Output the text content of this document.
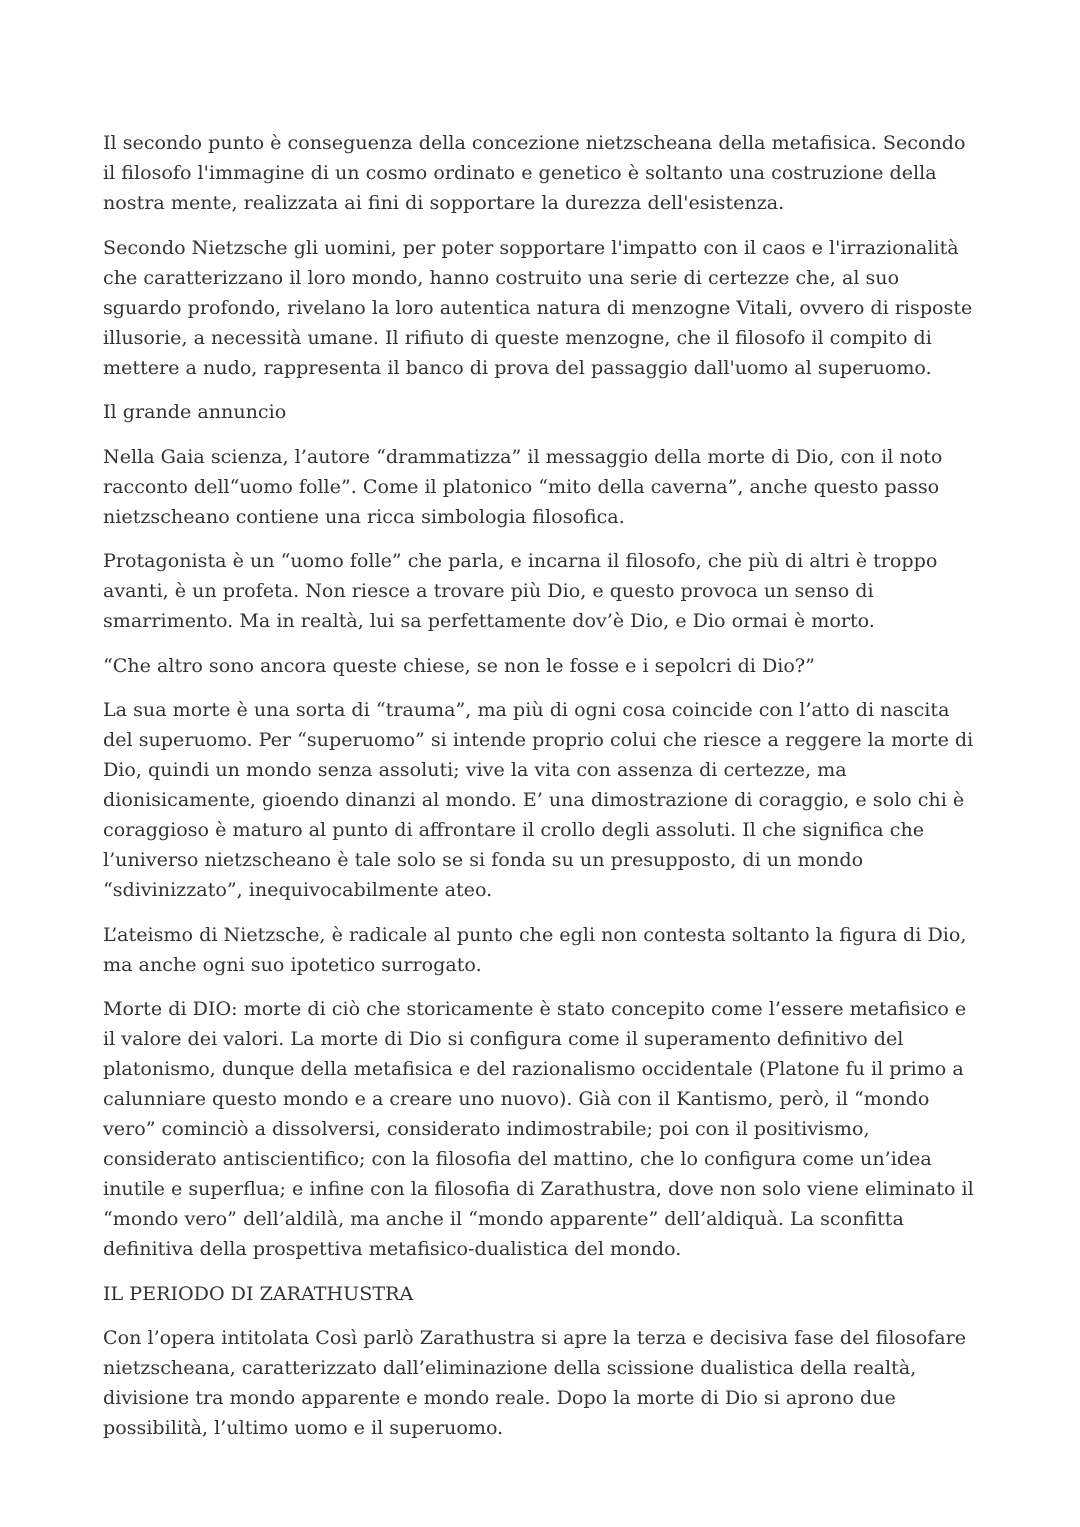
Il secondo punto è conseguenza della concezione nietzscheana della metafisica. Secondo il filosofo l'immagine di un cosmo ordinato e genetico è soltanto una costruzione della nostra mente, realizzata ai fini di sopportare la durezza dell'esistenza.

Secondo Nietzsche gli uomini, per poter sopportare l'impatto con il caos e l'irrazionalità che caratterizzano il loro mondo, hanno costruito una serie di certezze che, al suo sguardo profondo, rivelano la loro autentica natura di menzogne Vitali, ovvero di risposte illusorie, a necessità umane. Il rifiuto di queste menzogne, che il filosofo il compito di mettere a nudo, rappresenta il banco di prova del passaggio dall'uomo al superuomo.

Il grande annuncio

Nella Gaia scienza, l’autore “drammatizza” il messaggio della morte di Dio, con il noto racconto dell“uomo folle”. Come il platonico “mito della caverna”, anche questo passo nietzscheano contiene una ricca simbologia filosofica.

Protagonista è un “uomo folle” che parla, e incarna il filosofo, che più di altri è troppo avanti, è un profeta. Non riesce a trovare più Dio, e questo provoca un senso di smarrimento. Ma in realtà, lui sa perfettamente dov’è Dio, e Dio ormai è morto.

“Che altro sono ancora queste chiese, se non le fosse e i sepolcri di Dio?”

La sua morte è una sorta di “trauma”, ma più di ogni cosa coincide con l’atto di nascita del superuomo. Per “superuomo” si intende proprio colui che riesce a reggere la morte di Dio, quindi un mondo senza assoluti; vive la vita con assenza di certezze, ma dionisicamente, gioendo dinanzi al mondo. E’ una dimostrazione di coraggio, e solo chi è coraggioso è maturo al punto di affrontare il crollo degli assoluti. Il che significa che l’universo nietzscheano è tale solo se si fonda su un presupposto, di un mondo “sdivinizzato”, inequivocabilmente ateo.

L’ateismo di Nietzsche, è radicale al punto che egli non contesta soltanto la figura di Dio, ma anche ogni suo ipotetico surrogato.

Morte di DIO: morte di ciò che storicamente è stato concepito come l’essere metafisico e il valore dei valori. La morte di Dio si configura come il superamento definitivo del platonismo, dunque della metafisica e del razionalismo occidentale (Platone fu il primo a calunniare questo mondo e a creare uno nuovo). Già con il Kantismo, però, il “mondo vero” cominciò a dissolversi, considerato indimostrabile; poi con il positivismo, considerato antiscientifico; con la filosofia del mattino, che lo configura come un’idea inutile e superflua; e infine con la filosofia di Zarathustra, dove non solo viene eliminato il “mondo vero” dell’aldilà, ma anche il “mondo apparente” dell’aldiquà. La sconfitta definitiva della prospettiva metafisico-dualistica del mondo.

IL PERIODO DI ZARATHUSTRA

Con l’opera intitolata Così parlò Zarathustra si apre la terza e decisiva fase del filosofare nietzscheana, caratterizzato dall’eliminazione della scissione dualistica della realtà, divisione tra mondo apparente e mondo reale. Dopo la morte di Dio si aprono due possibilità, l’ultimo uomo e il superuomo.
